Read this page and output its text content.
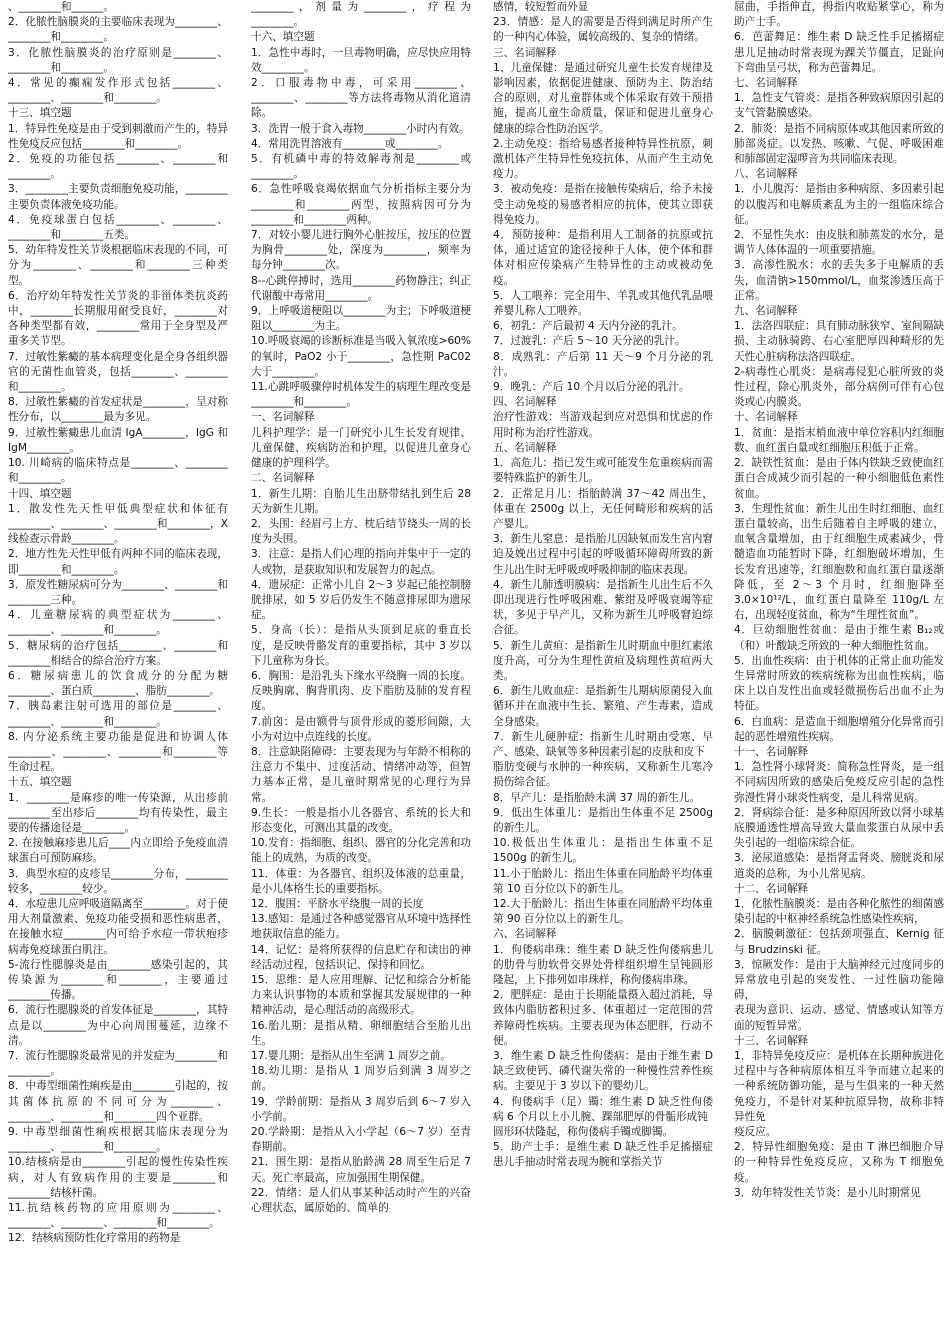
、________和______。

2．化脓性脑膜炎的主要临床表现为________、________和________。

3．化脓性脑膜炎的治疗原则是________、________和________。

4．常见的癫痫发作形式包括________、________、________和________。

十三、填空题

1．特异性免疫是由于受到刺激而产生的，特异性免疫反应包括________和________。

2．免疫的功能包括________、________和________。

3．________主要负责细胞免疫功能，________主要负责体液免疫功能。

4．免疫球蛋白包括________、________、________和________五类。

5．幼年特发性关节炎根据临床表现的不同，可分为________、________和________三种类型。

6．治疗幼年特发性关节炎的非甾体类抗炎药中，________长期服用耐受良好，________对各种类型都有效，________常用于全身型及严重多关节型。

7．过敏性紫癜的基本病理变化是全身各组织器官的无菌性血管炎，包括________、________和________。

8．过敏性紫癜的首发症状是________，呈对称性分布，以________最为多见。

9．过敏性紫癜患儿血清 IgA________，IgG 和 IgM________。

10. 川崎病的临床特点是________、________和________。

十四、填空题

1．散发性先天性甲低典型症状和体征有________、________、________和________，X线检查示骨龄________。

2．地方性先天性甲低有两种不同的临床表现，即________和________。

3．原发性糖尿病可分为________、________和________三种。

4．儿童糖尿病的典型症状为________、________、________和________。

5．糖尿病的治疗包括________、________和________相结合的综合治疗方案。

6．糖尿病患儿的饮食成分的分配为糖________、蛋白质________、脂肪________。

7．胰岛素注射可选用的部位是________、________、________和________。

8. 内分泌系统主要功能是促进和协调人体________、________、________和________等生命过程。

十五、填空题

1．________是麻疹的唯一传染源，从出疹前________至出疹后________均有传染性，最主要的传播途径是________。

2. 在接触麻疹患儿后____内立即给予免疫血清球蛋白可预防麻疹。

3．典型水痘的皮疹呈________分布，________较多，________较少。

4．水痘患儿应呼吸道隔离至________。对于使用大剂量激素、免疫功能受损和恶性病患者，在接触水痘________内可给予水痘一带状疱疹病毒免疫球蛋白肌注。

5-流行性腮腺炎是由________感染引起的，其传染源为________和________，主要通过________传播。

6．流行性腮腺炎的首发体征是________，其特点是以________为中心向周围蔓延，边缘不清。

7．流行性腮腺炎最常见的并发症为________和________。

8．中毒型细菌性痢疾是由________引起的，按其菌体抗原的不同可分为________、________、________和________四个亚群。

9. 中毒型细菌性痢疾根据其临床表现分为________、________和________。

10.结核病是由________引起的慢性传染性疾病，对人有致病作用的主要是________和________结核杆菌。

11.抗结核药物的应用原则为________、________、________、________和________。

12．结核病预防性化疗常用的药物是

________，剂量为________，疗程为________。

十六、填空题

1．急性中毒时，一旦毒物明确，应尽快应用特效________。

2．口服毒物中毒，可采用________、________、________等方法将毒物从消化道清除。

3．洗胃一般于食入毒物________小时内有效。

4．常用洗胃溶液有________或________。

5．有机磷中毒的特效解毒剂是________或________。

6．急性呼吸衰竭依据血气分析指标主要分为________和________两型，按照病因可分为________和________两种。

7．对较小婴儿进行胸外心脏按压，按压的位置为胸骨________处，深度为________，频率为每分钟________次。

8--心跳停搏时，选用________药物静注；纠正代谢酸中毒常用________。

9．上呼吸道梗阻以________为主；下呼吸道梗阻以________为主。

10.呼吸衰竭的诊断标准是当吸入氧浓度>60%的氧时，PaO2 小于________，急性期 PaC02 大于________。

11.心跳呼吸骤停时机体发生的病理生理改变是________和________。

一、名词解释

儿科护理学：是一门研究小儿生长发育规律、儿童保健、疾病防治和护理，以促进儿童身心健康的护理科学。

二、名词解释

1．新生儿期：自胎儿生出脐带结扎到生后 28 天为新生儿期。

2．头围：经眉弓上方、枕后结节绕头一周的长度为头围。

3．注意：是指人们心理的指向并集中于一定的人或物，是获取知识和发展智力的起点。

4．遗尿症：正常小儿自 2～3 岁起已能控制膀胱排尿，如 5 岁后仍发生不随意排尿即为遗尿症。

5．身高（长）：是指从头顶到足底的垂直长度，是反映骨骼发育的重要指标，其中 3 岁以下儿童称为身长。

6．胸围：是沿乳头下缘水平绕胸一周的长度。反映胸廓、胸背肌肉、皮下脂肪及肺的发育程度。

7.前囟：是由额骨与顶骨形成的菱形间隙，大小为对边中点连线的长度。

8．注意缺陷障碍：主要表现为与年龄不相称的注意力不集中、过度活动、情绪冲动等，但智力基本正常，是儿童时期常见的心理行为异常。

9.生长：一般是指小儿各器官、系统的长大和形态变化，可测出其量的改变。

10.发育：指细胞、组织、器官的分化完善和功能上的成熟，为质的改变。

11．体重：为各器官、组织及体液的总重量，是小儿体格生长的重要指标。

12．腹围：平脐水平绕腹一周的长度

13.感知：是通过各种感觉器官从环境中选择性地获取信息的能力。

14．记忆：是将所获得的信息贮存和读出的神经活动过程，包括识记、保持和回忆。

15．思维：是人应用理解、记忆和综合分析能力来认识事物的本质和掌握其发展规律的一种精神活动，是心理活动的高级形式。

16.胎儿期：是指从精、卵细胞结合至胎儿出生。

17.婴儿期：是指从出生至满 1 周岁之前。

18.幼儿期：是指从 1 周岁后到满 3 周岁之前。

19．学龄前期：是指从 3 周岁后到 6～7 岁入小学前。

20.学龄期：是指从入小学起（6～7 岁）至青春期前。

21．围生期：是指从胎龄满 28 周至生后足 7 天。死亡率最高，应加强围生期保健。

22．情绪：是人们从事某种活动时产生的兴奋心理状态，属原始的、简单的

感情，较短暂而外显

23．情感：是人的需要是否得到满足时所产生的一种内心体验，属较高级的、复杂的情绪。

三、名词解释

1、儿童保健：是通过研究儿童生长发育规律及影响因素，依据促进健康、预防为主、防治结合的原则，对儿童群体或个体采取有效干预措施，提高儿童生命质量，保证和促进儿童身心健康的综合性防治医学。

2.主动免疫：指给易感者接种特异性抗原，刺激机体产生特异性免疫抗体，从而产生主动免疫力。

3．被动免疫：是指在接触传染病后，给予未接受主动免疫的易感者相应的抗体，使其立即获得免疫力。

4．预防接种：是指利用人工制备的抗原或抗体，通过适宜的途径接种于人体，使个体和群体对相应传染病产生特异性的主动或被动免疫。

5．人工喂养：完全用牛、羊乳或其他代乳品喂养婴儿称人工喂养。

6．初乳：产后最初 4 天内分泌的乳汁。

7．过渡乳：产后 5～10 天分泌的乳汁。

8．成熟乳：产后第 11 天～9 个月分泌的乳汁。

9．晚乳：产后 10 个月以后分泌的乳汁。

四、名词解释

治疗性游戏：当游戏起到应对恐惧和忧虑的作用时称为治疗性游戏。

五、名词解释

1．高危儿：指已发生或可能发生危重疾病而需要特殊监护的新生儿。

2．正常足月儿：指胎龄满 37～42 周出生，体重在 2500g 以上，无任何畸形和疾病的活产婴儿。

3．新生儿窒息：是指胎儿因缺氧而发生宫内窘迫及娩出过程中引起的呼吸循环障碍所致的新生儿出生时无呼吸或呼吸抑制的临床表现。

4．新生儿肺透明膜病：是指新生儿出生后不久即出现进行性呼吸困难、紫绀及呼吸衰竭等症状，多见于早产儿，又称为新生儿呼吸窘迫综合征。

5．新生儿黄疸：是指新生儿时期血中胆红素浓度升高，可分为生理性黄疸及病理性黄疸两大类。

6．新生儿败血症：是指新生儿期病原菌侵入血循环并在血液中生长、繁殖、产生毒素，造成全身感染。

7．新生儿硬肿症：指新生儿时期由受寒、早产、感染、缺氧等多种因素引起的皮肤和皮下

脂肪变硬与水肿的一种疾病，又称新生儿寒冷损伤综合征。

8．早产儿：是指胎龄未满 37 周的新生儿。

9．低出生体重儿：是指出生体重不足 2500g 的新生儿。

10.极低出生体重儿：是指出生体重不足 1500g 的新生儿。

11.小于胎龄儿：指出生体重在同胎龄平均体重第 10 百分位以下的新生儿。

12.大于胎龄儿：指出生体重在同胎龄平均体重第 90 百分位以上的新生儿。

六、名词解释

1．佝偻病串珠：维生素 D 缺乏性佝偻病患儿的肋骨与肋软骨交界处骨样组织增生呈钝圆形隆起，上下排列如串珠样，称佝偻病串珠。

2．肥胖症：是由于长期能量摄入超过消耗，导致体内脂肪蓄积过多、体重超过一定范围的营养障碍性疾病。主要表现为体态肥胖，行动不便。

3．维生素 D 缺乏性佝偻病：是由于维生素 D 缺乏致使钙、磷代谢失常的一种慢性营养性疾病。主要见于 3 岁以下的婴幼儿。

4．佝偻病手（足）镯：维生素 D 缺乏性佝偻病 6 个月以上小儿腕、踝部肥厚的骨骺形成钝

圆形环状隆起，称佝偻病手镯或脚镯。

5．助产士手：是维生素 D 缺乏性手足搐搦症患儿手抽动时常表现为腕和掌指关节

屈曲，手指伸直，拇指内收贴紧掌心，称为助产士手。

6．芭蕾舞足：维生素 D 缺乏性手足搐搦症患儿足抽动时常表现为踝关节僵直，足趾向下弯曲呈弓状，称为芭蕾舞足。

七、名词解释

1．急性支气管炎：是指各种致病原因引起的支气管黏膜感染。

2．肺炎：是指不同病原体或其他因素所致的肺部炎症。以发热、咳嗽、气促、呼吸困难和肺部固定湿啰音为共同临床表现。

八、名词解释

1．小儿腹泻：是指由多种病原、多因素引起的以腹泻和电解质紊乱为主的一组临床综合征。

2．不显性失水：由皮肤和肺蒸发的水分，是调节人体体温的一项重要措施。

3．高渗性脱水：水的丢失多于电解质的丢失，血清钠>150mmol/L，血浆渗透压高于正常。

九、名词解释

1．法洛四联症：具有肺动脉狭窄、室间隔缺损、主动脉骑跨、右心室肥厚四种畸形的先天性心脏病称法洛四联症。

2-病毒性心肌炎：是病毒侵犯心脏所致的炎性过程，除心肌炎外，部分病例可伴有心包炎或心内膜炎。

十、名词解释

1．贫血：是指末梢血液中单位容积内红细胞数、血红蛋白量或红细胞压积低于正常。

2．缺铁性贫血：是由于体内铁缺乏致使血红蛋白合成减少而引起的一种小细胞低色素性贫血。

3．生理性贫血：新生儿出生时红细胞、血红蛋白量较高，出生后随着自主呼吸的建立，血氧含量增加，由于红细胞生成素减少，骨髓造血功能暂时下降，红细胞破坏增加，生长发育迅速等，红细胞数和血红蛋白量逐渐降低，至 2～3 个月时，红细胞降至 3.0×10¹²/L，血红蛋白量降至 110g/L 左右，出现轻度贫血，称为“生理性贫血”。

4．巨幼细胞性贫血：是由于维生素 B₁₂或（和）叶酸缺乏所致的一种大细胞性贫血。

5．出血性疾病：由于机体的正常止血功能发生异常时所致的疾病统称为出血性疾病，临床上以自发性出血或轻微损伤后出血不止为特征。

6．白血病：是造血干细胞增殖分化异常而引起的恶性增殖性疾病。

十一、名词解释

1．急性肾小球肾炎：简称急性肾炎，是一组不同病因所致的感染后免疫反应引起的急性弥漫性肾小球炎性病变，是儿科常见病。

2．肾病综合征：是多种原因所致以肾小球基底膜通透性增高导致大量血浆蛋白从尿中丢失引起的一组临床综合征。

3．泌尿道感染：是指肾盂肾炎、膀胱炎和尿道炎的总称，为小儿常见病。

十二、名词解释

1．化脓性脑膜炎：是由各种化脓性的细菌感染引起的中枢神经系统急性感染性疾病，

2．脑膜刺激征：包括颈项强直、Kernig 征与 Brudzinski 征。

3．惊厥发作：是由于大脑神经元过度同步的异常放电引起的突发性、一过性脑功能障碍，

表现为意识、运动、感觉、情感或认知等方面的短暂异常。

十三、名词解释

1．非特异免疫反应：是机体在长期种族进化过程中与各种病原体相互斗争而建立起来的一种系统防御功能，是与生俱来的一种天然免疫力，不是针对某种抗原异物，故称非特异性免

疫反应。

2．特异性细胞免疫：是由 T 淋巴细胞介导的一种特异性免疫反应，又称为 T 细胞免疫。

3．幼年特发性关节炎：是小儿时期常见
